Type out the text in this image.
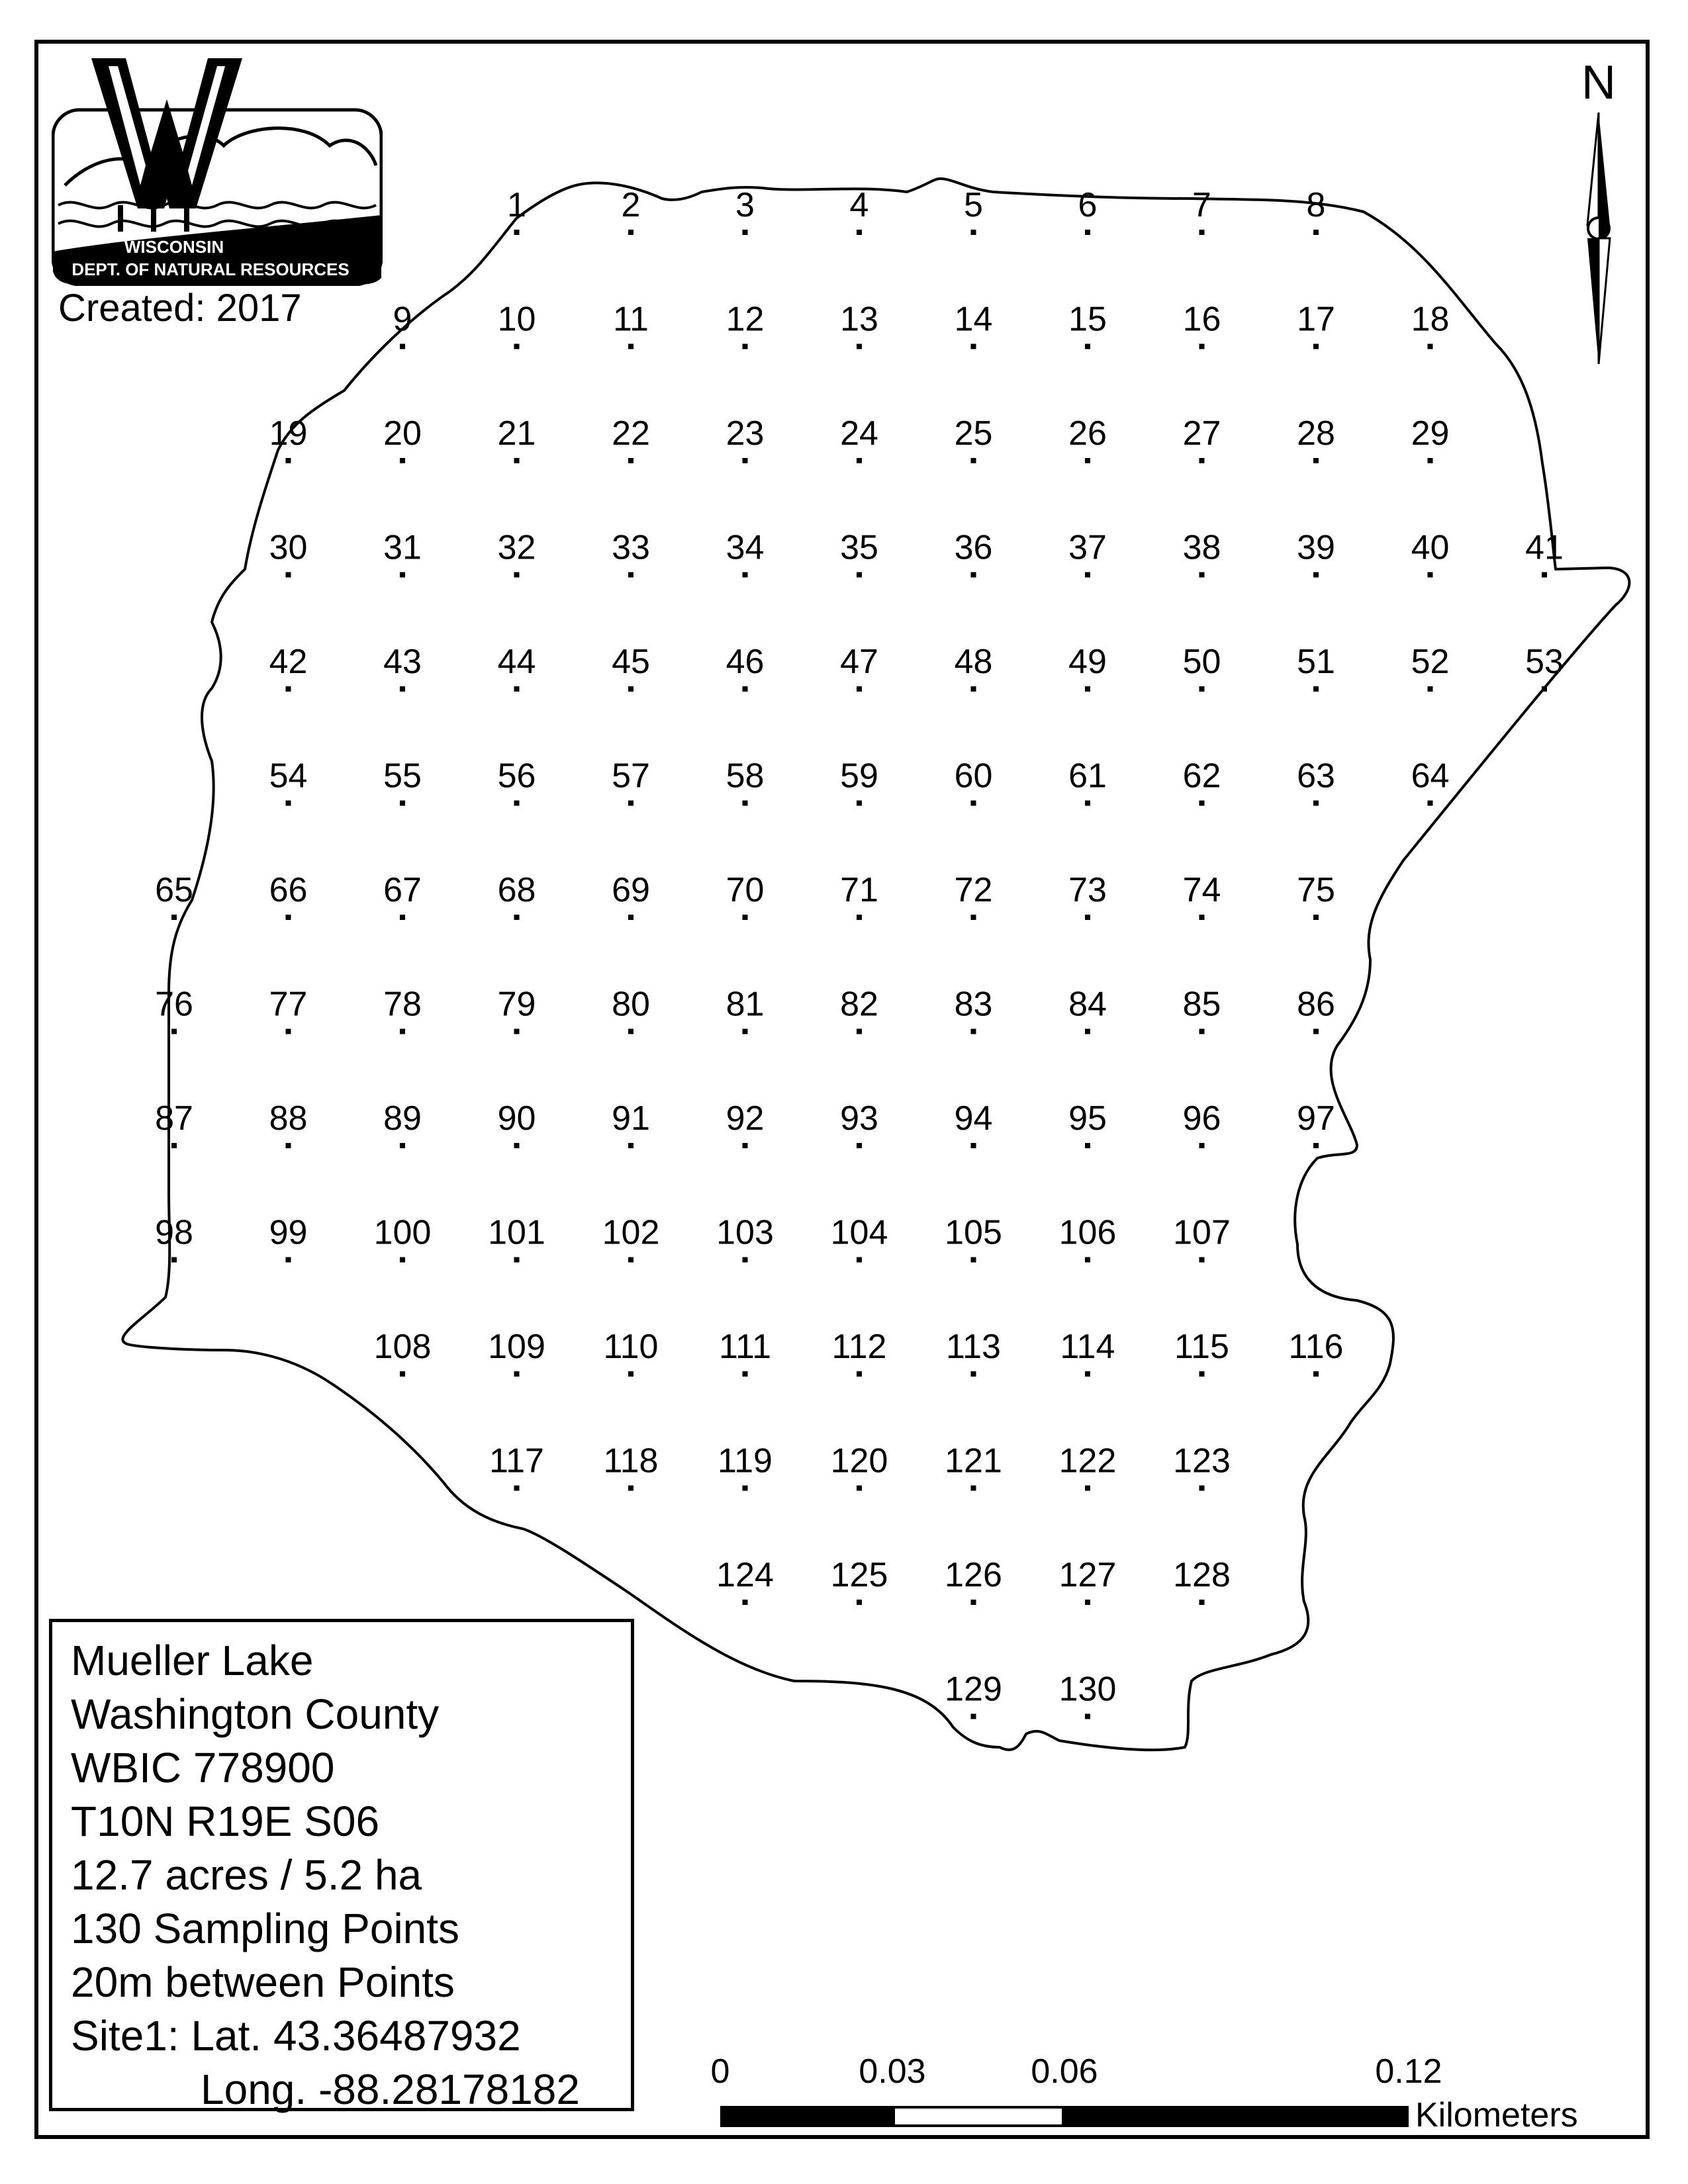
1	2	3	4	5	6	7	8
9 10 11 12 13 14 15 16 17 18
19 20 21 22 23 24 25 26 27 28 29
30 31 32 33 34 35 36 37 38 39 40 41
42 43 44 45 46 47 48 49 50 51 52 53
54 55 56 57 58 59 60 61 62 63 64
65 66 67 68 69 70 71 72 73 74 75
76 77 78 79 80 81 82 83 84 85 86
87 88 89 90 91 92 93 94 95 96 97
98 99 100 101 102 103 104 105 106 107
108 109 110 111 112 113 114 115 116
117 118 119 120 121 122 123
124 125 126 127 128
129 130
WISCONSIN
DEPT. OF NATURAL RESOURCES
Created: 2017
N
Mueller Lake
Washington County
WBIC 778900
T10N R19E S06
12.7 acres / 5.2 ha
130 Sampling Points
20m between Points
Site1: Lat. 43.36487932
Long. -88.28178182	0	0.03	0.06	0.12
Kilometers
